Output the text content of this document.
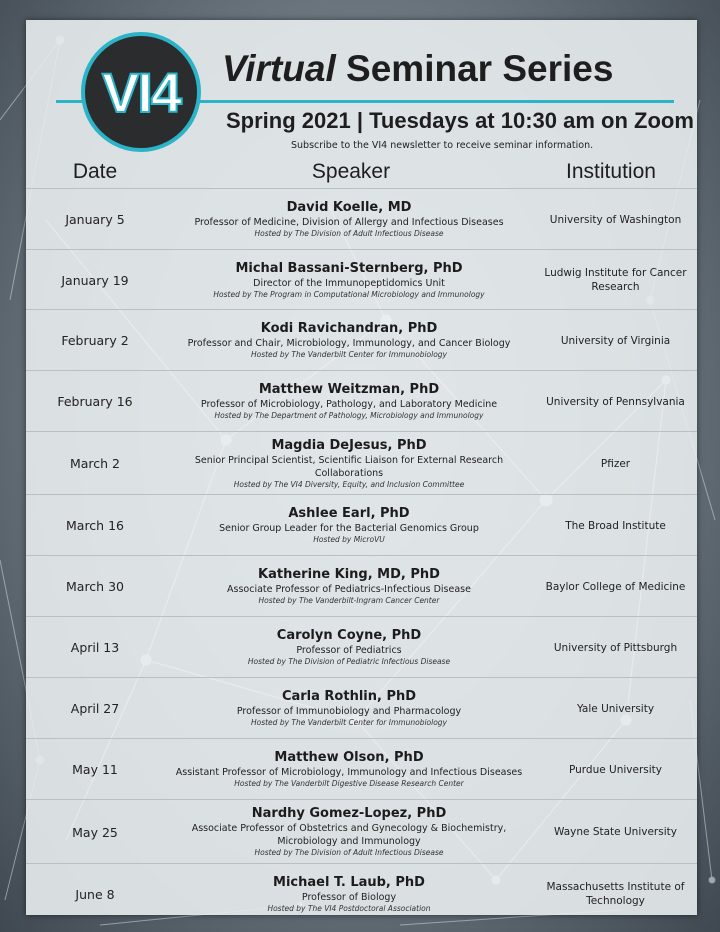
VI4 Virtual Seminar Series
Spring 2021 | Tuesdays at 10:30 am on Zoom
Subscribe to the VI4 newsletter to receive seminar information.
Date	Speaker	Institution
January 5
David Koelle, MD
Professor of Medicine, Division of Allergy and Infectious Diseases
Hosted by The Division of Adult Infectious Disease
University of Washington
January 19
Michal Bassani-Sternberg, PhD
Director of the Immunopeptidomics Unit
Hosted by The Program in Computational Microbiology and Immunology
Ludwig Institute for Cancer Research
February 2
Kodi Ravichandran, PhD
Professor and Chair, Microbiology, Immunology, and Cancer Biology
Hosted by The Vanderbilt Center for Immunobiology
University of Virginia
February 16
Matthew Weitzman, PhD
Professor of Microbiology, Pathology, and Laboratory Medicine
Hosted by The Department of Pathology, Microbiology and Immunology
University of Pennsylvania
March 2
Magdia DeJesus, PhD
Senior Principal Scientist, Scientific Liaison for External Research Collaborations
Hosted by The VI4 Diversity, Equity, and Inclusion Committee
Pfizer
March 16
Ashlee Earl, PhD
Senior Group Leader for the Bacterial Genomics Group
Hosted by MicroVU
The Broad Institute
March 30
Katherine King, MD, PhD
Associate Professor of Pediatrics-Infectious Disease
Hosted by The Vanderbilt-Ingram Cancer Center
Baylor College of Medicine
April 13
Carolyn Coyne, PhD
Professor of Pediatrics
Hosted by The Division of Pediatric Infectious Disease
University of Pittsburgh
April 27
Carla Rothlin, PhD
Professor of Immunobiology and Pharmacology
Hosted by The Vanderbilt Center for Immunobiology
Yale University
May 11
Matthew Olson, PhD
Assistant Professor of Microbiology, Immunology and Infectious Diseases
Hosted by The Vanderbilt Digestive Disease Research Center
Purdue University
May 25
Nardhy Gomez-Lopez, PhD
Associate Professor of Obstetrics and Gynecology & Biochemistry, Microbiology and Immunology
Hosted by The Division of Adult Infectious Disease
Wayne State University
June 8
Michael T. Laub, PhD
Professor of Biology
Hosted by The VI4 Postdoctoral Association
Massachusetts Institute of Technology
